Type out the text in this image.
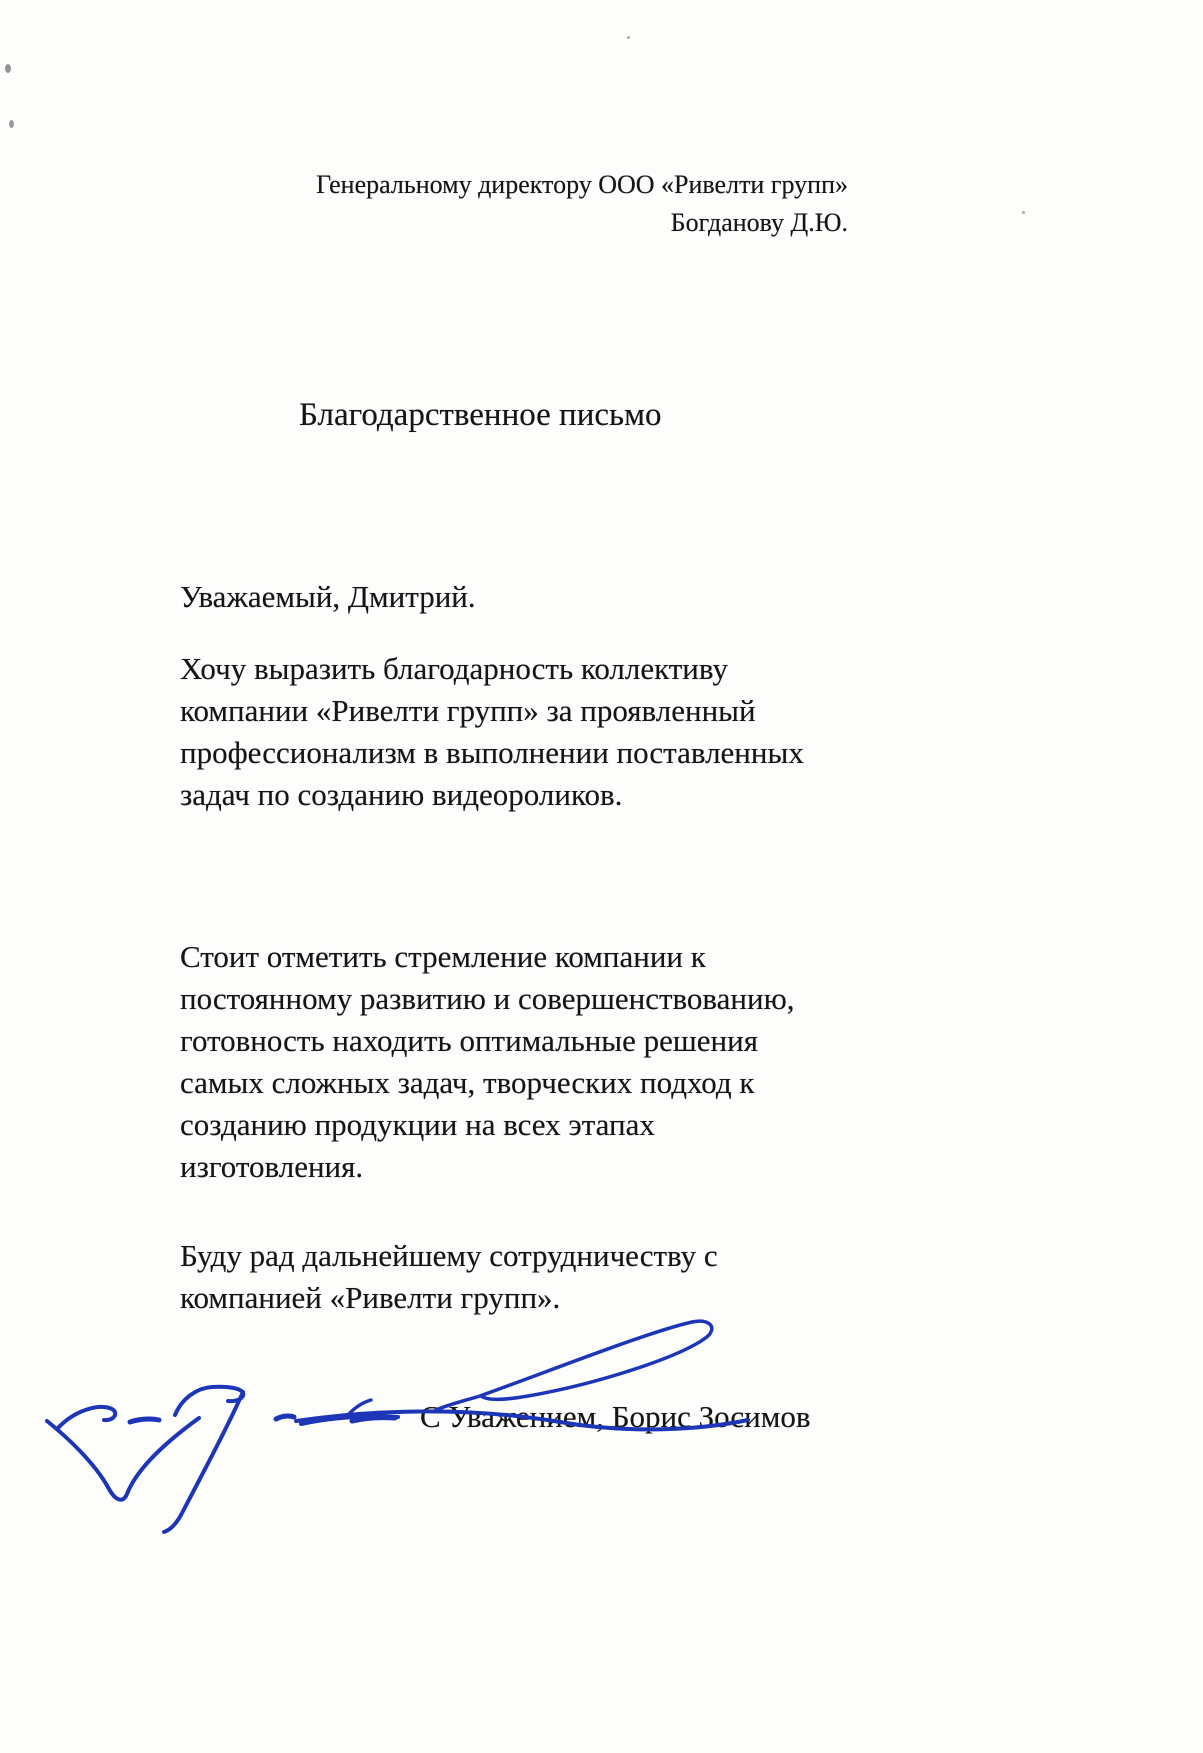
Генеральному директору ООО «Ривелти групп»
Богданову Д.Ю.
Благодарственное письмо
Уважаемый, Дмитрий.
Хочу выразить благодарность коллективу
компании «Ривелти групп» за проявленный
профессионализм в выполнении поставленных
задач по созданию видеороликов.
Стоит отметить стремление компании к
постоянному развитию и совершенствованию,
готовность находить оптимальные решения
самых сложных задач, творческих подход к
созданию продукции на всех этапах
изготовления.
Буду рад дальнейшему сотрудничеству с
компанией «Ривелти групп».
С Уважением, Борис Зосимов
